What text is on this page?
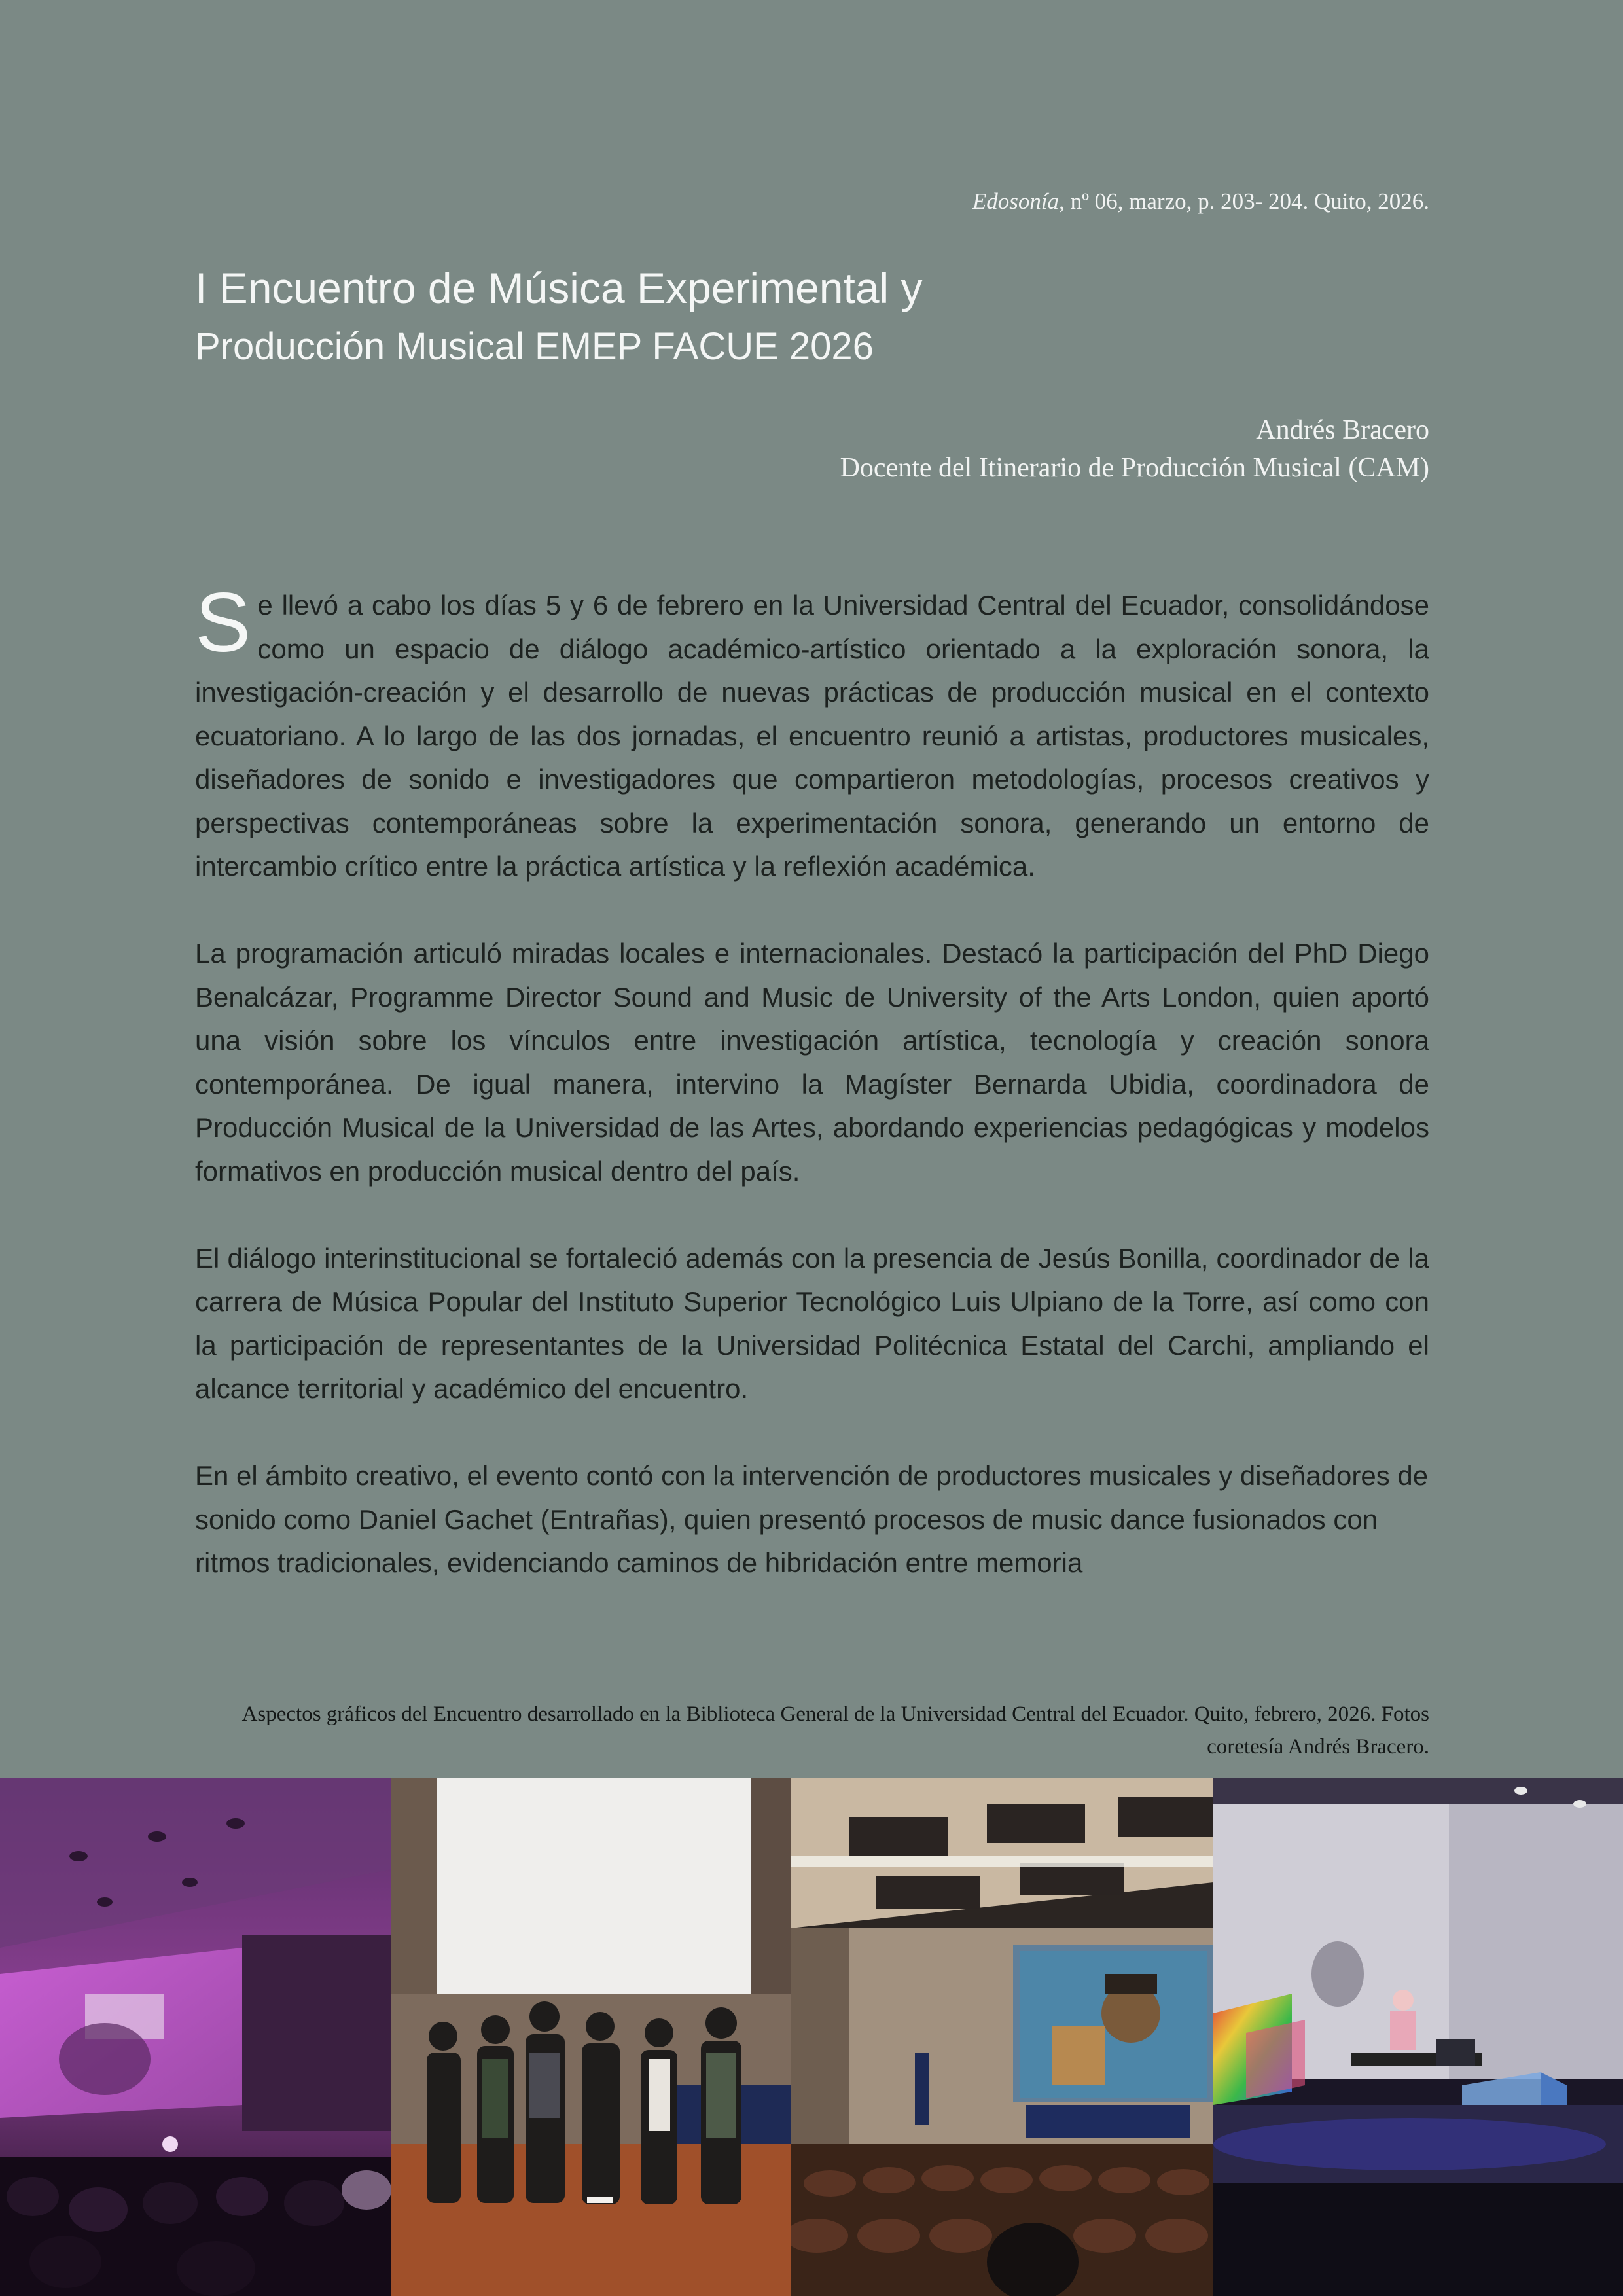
Edosonía, nº 06, marzo, p. 203- 204. Quito, 2026.
I Encuentro de Música Experimental y
Producción Musical EMEP FACUE 2026
Andrés Bracero
Docente del Itinerario de Producción Musical (CAM)

Se llevó a cabo los días 5 y 6 de febrero en la Universidad Central del Ecuador, consolidándose como un espacio de diálogo académico-artístico orientado a la exploración sonora, la investigación-creación y el desarrollo de nuevas prácticas de producción musical en el contexto ecuatoriano. A lo largo de las dos jornadas, el encuentro reunió a artistas, productores musicales, diseñadores de sonido e investigadores que compartieron metodologías, procesos creativos y perspectivas contemporáneas sobre la experimentación sonora, generando un entorno de intercambio crítico entre la práctica artística y la reflexión académica.

La programación articuló miradas locales e internacionales. Destacó la participación del PhD Diego Benalcázar, Programme Director Sound and Music de University of the Arts London, quien aportó una visión sobre los vínculos entre investigación artística, tecnología y creación sonora contemporánea. De igual manera, intervino la Magíster Bernarda Ubidia, coordinadora de Producción Musical de la Universidad de las Artes, abordando experiencias pedagógicas y modelos formativos en producción musical dentro del país.

El diálogo interinstitucional se fortaleció además con la presencia de Jesús Bonilla, coordinador de la carrera de Música Popular del Instituto Superior Tecnológico Luis Ulpiano de la Torre, así como con la participación de representantes de la Universidad Politécnica Estatal del Carchi, ampliando el alcance territorial y académico del encuentro.

En el ámbito creativo, el evento contó con la intervención de productores musicales y diseñadores de sonido como Daniel Gachet (Entrañas), quien presentó procesos de music dance fusionados con ritmos tradicionales, evidenciando caminos de hibridación entre memoria

Aspectos gráficos del Encuentro desarrollado en la Biblioteca General de la Universidad Central del Ecuador. Quito, febrero, 2026. Fotos coretesía Andrés Bracero.
